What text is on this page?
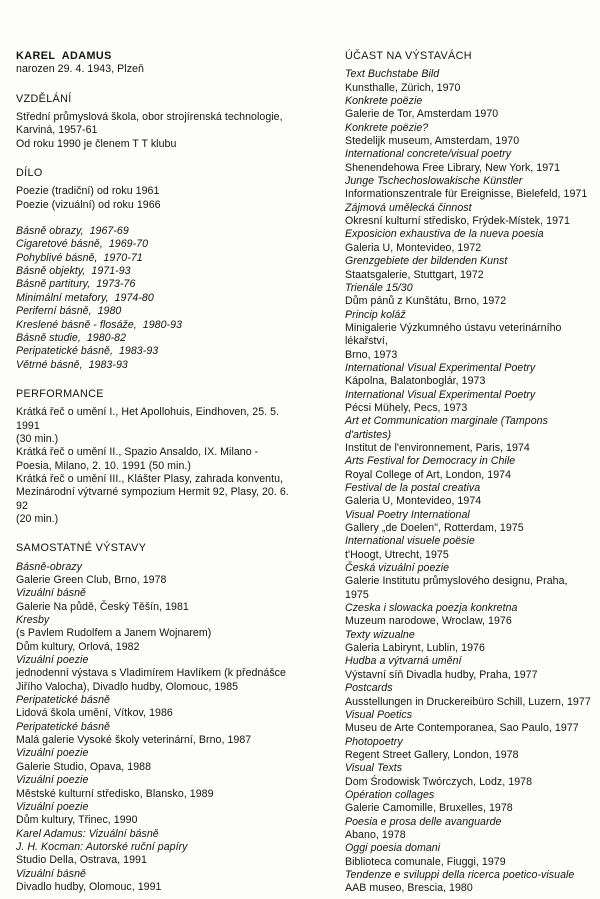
KAREL  ADAMUS
narozen 29. 4. 1943, Plzeň
VZDĚLÁNÍ
Střední průmyslová škola, obor strojírenská technologie,
Karviná, 1957-61
Od roku 1990 je členem T T klubu
DÍLO
Poezie (tradiční) od roku 1961
Poezie (vizuální) od roku 1966
Básně obrazy,  1967-69
Cigaretové básně,  1969-70
Pohyblivé básně,  1970-71
Básně objekty,  1971-93
Básně partitury,  1973-76
Minimální metafory,  1974-80
Periferní básně,  1980
Kreslené básně - flosáže,  1980-93
Básně studie,  1980-82
Peripatetické básně,  1983-93
Větrné básně,  1983-93
PERFORMANCE
Krátká řeč o umění I., Het Apollohuis, Eindhoven, 25. 5. 1991
(30 min.)
Krátká řeč o umění II., Spazio Ansaldo, IX. Milano -
Poesia, Milano, 2. 10. 1991 (50 min.)
Krátká řeč o umění III., Klášter Plasy, zahrada konventu,
Mezinárodní výtvarné sympozium Hermit 92, Plasy, 20. 6. 92
(20 min.)
SAMOSTATNÉ VÝSTAVY
Básně-obrazy
Galerie Green Club, Brno, 1978
Vizuální básně
Galerie Na půdě, Český Těšín, 1981
Kresby
(s Pavlem Rudolfem a Janem Wojnarem)
Dům kultury, Orlová, 1982
Vizuální poezie
jednodenní výstava s Vladimírem Havlíkem (k přednášce
Jiřího Valocha), Divadlo hudby, Olomouc, 1985
Peripatetické básně
Lidová škola umění, Vítkov, 1986
Peripatetické básně
Malá galerie Vysoké školy veterinární, Brno, 1987
Vizuální poezie
Galerie Studio, Opava, 1988
Vizuální poezie
Městské kulturní středisko, Blansko, 1989
Vizuální poezie
Dům kultury, Třinec, 1990
Karel Adamus: Vizuální básně
J. H. Kocman: Autorské ruční papíry
Studio Della, Ostrava, 1991
Vizuální básně
Divadlo hudby, Olomouc, 1991
ÚČAST NA VÝSTAVÁCH
Text Buchstabe Bild
Kunsthalle, Zürich, 1970
Konkrete poëzie
Galerie de Tor, Amsterdam 1970
Konkrete poëzie?
Stedelijk museum, Amsterdam, 1970
International concrete/visual poetry
Shenendehowa Free Library, New York, 1971
Junge Tschechoslowakische Künstler
Informationszentrale für Ereignisse, Bielefeld, 1971
Zájmová umělecká činnost
Okresní kulturní středisko, Frýdek-Místek, 1971
Exposicion exhaustiva de la nueva poesia
Galeria U, Montevideo, 1972
Grenzgebiete der bildenden Kunst
Staatsgalerie, Stuttgart, 1972
Trienále 15/30
Dům pánů z Kunštátu, Brno, 1972
Princip koláž
Minigalerie Výzkumného ústavu veterinárního lékařství,
Brno, 1973
International Visual Experimental Poetry
Kápolna, Balatonboglár, 1973
International Visual Experimental Poetry
Pécsi Mühely, Pecs, 1973
Art et Communication marginale (Tampons d'artistes)
Institut de l'environnement, Paris, 1974
Arts Festival for Democracy in Chile
Royal College of Art, London, 1974
Festival de la postal creativa
Galeria U, Montevideo, 1974
Visual Poetry International
Gallery „de Doelen", Rotterdam, 1975
International visuele poësie
t'Hoogt, Utrecht, 1975
Česká vizuální poezie
Galerie Institutu průmyslového designu, Praha, 1975
Czeska i slowacka poezja konkretna
Muzeum narodowe, Wroclaw, 1976
Texty wizualne
Galeria Labirynt, Lublin, 1976
Hudba a výtvarná umění
Výstavní síň Divadla hudby, Praha, 1977
Postcards
Ausstellungen in Druckereibüro Schill, Luzern, 1977
Visual Poetics
Museu de Arte Contemporanea, Sao Paulo, 1977
Photopoetry
Regent Street Gallery, London, 1978
Visual Texts
Dom Środowisk Twórczych, Lodz, 1978
Opération collages
Galerie Camomille, Bruxelles, 1978
Poesia e prosa delle avanguarde
Abano, 1978
Oggi poesia domani
Biblioteca comunale, Fiuggi, 1979
Tendenze e sviluppi della ricerca poetico-visuale
AAB museo, Brescia, 1980
